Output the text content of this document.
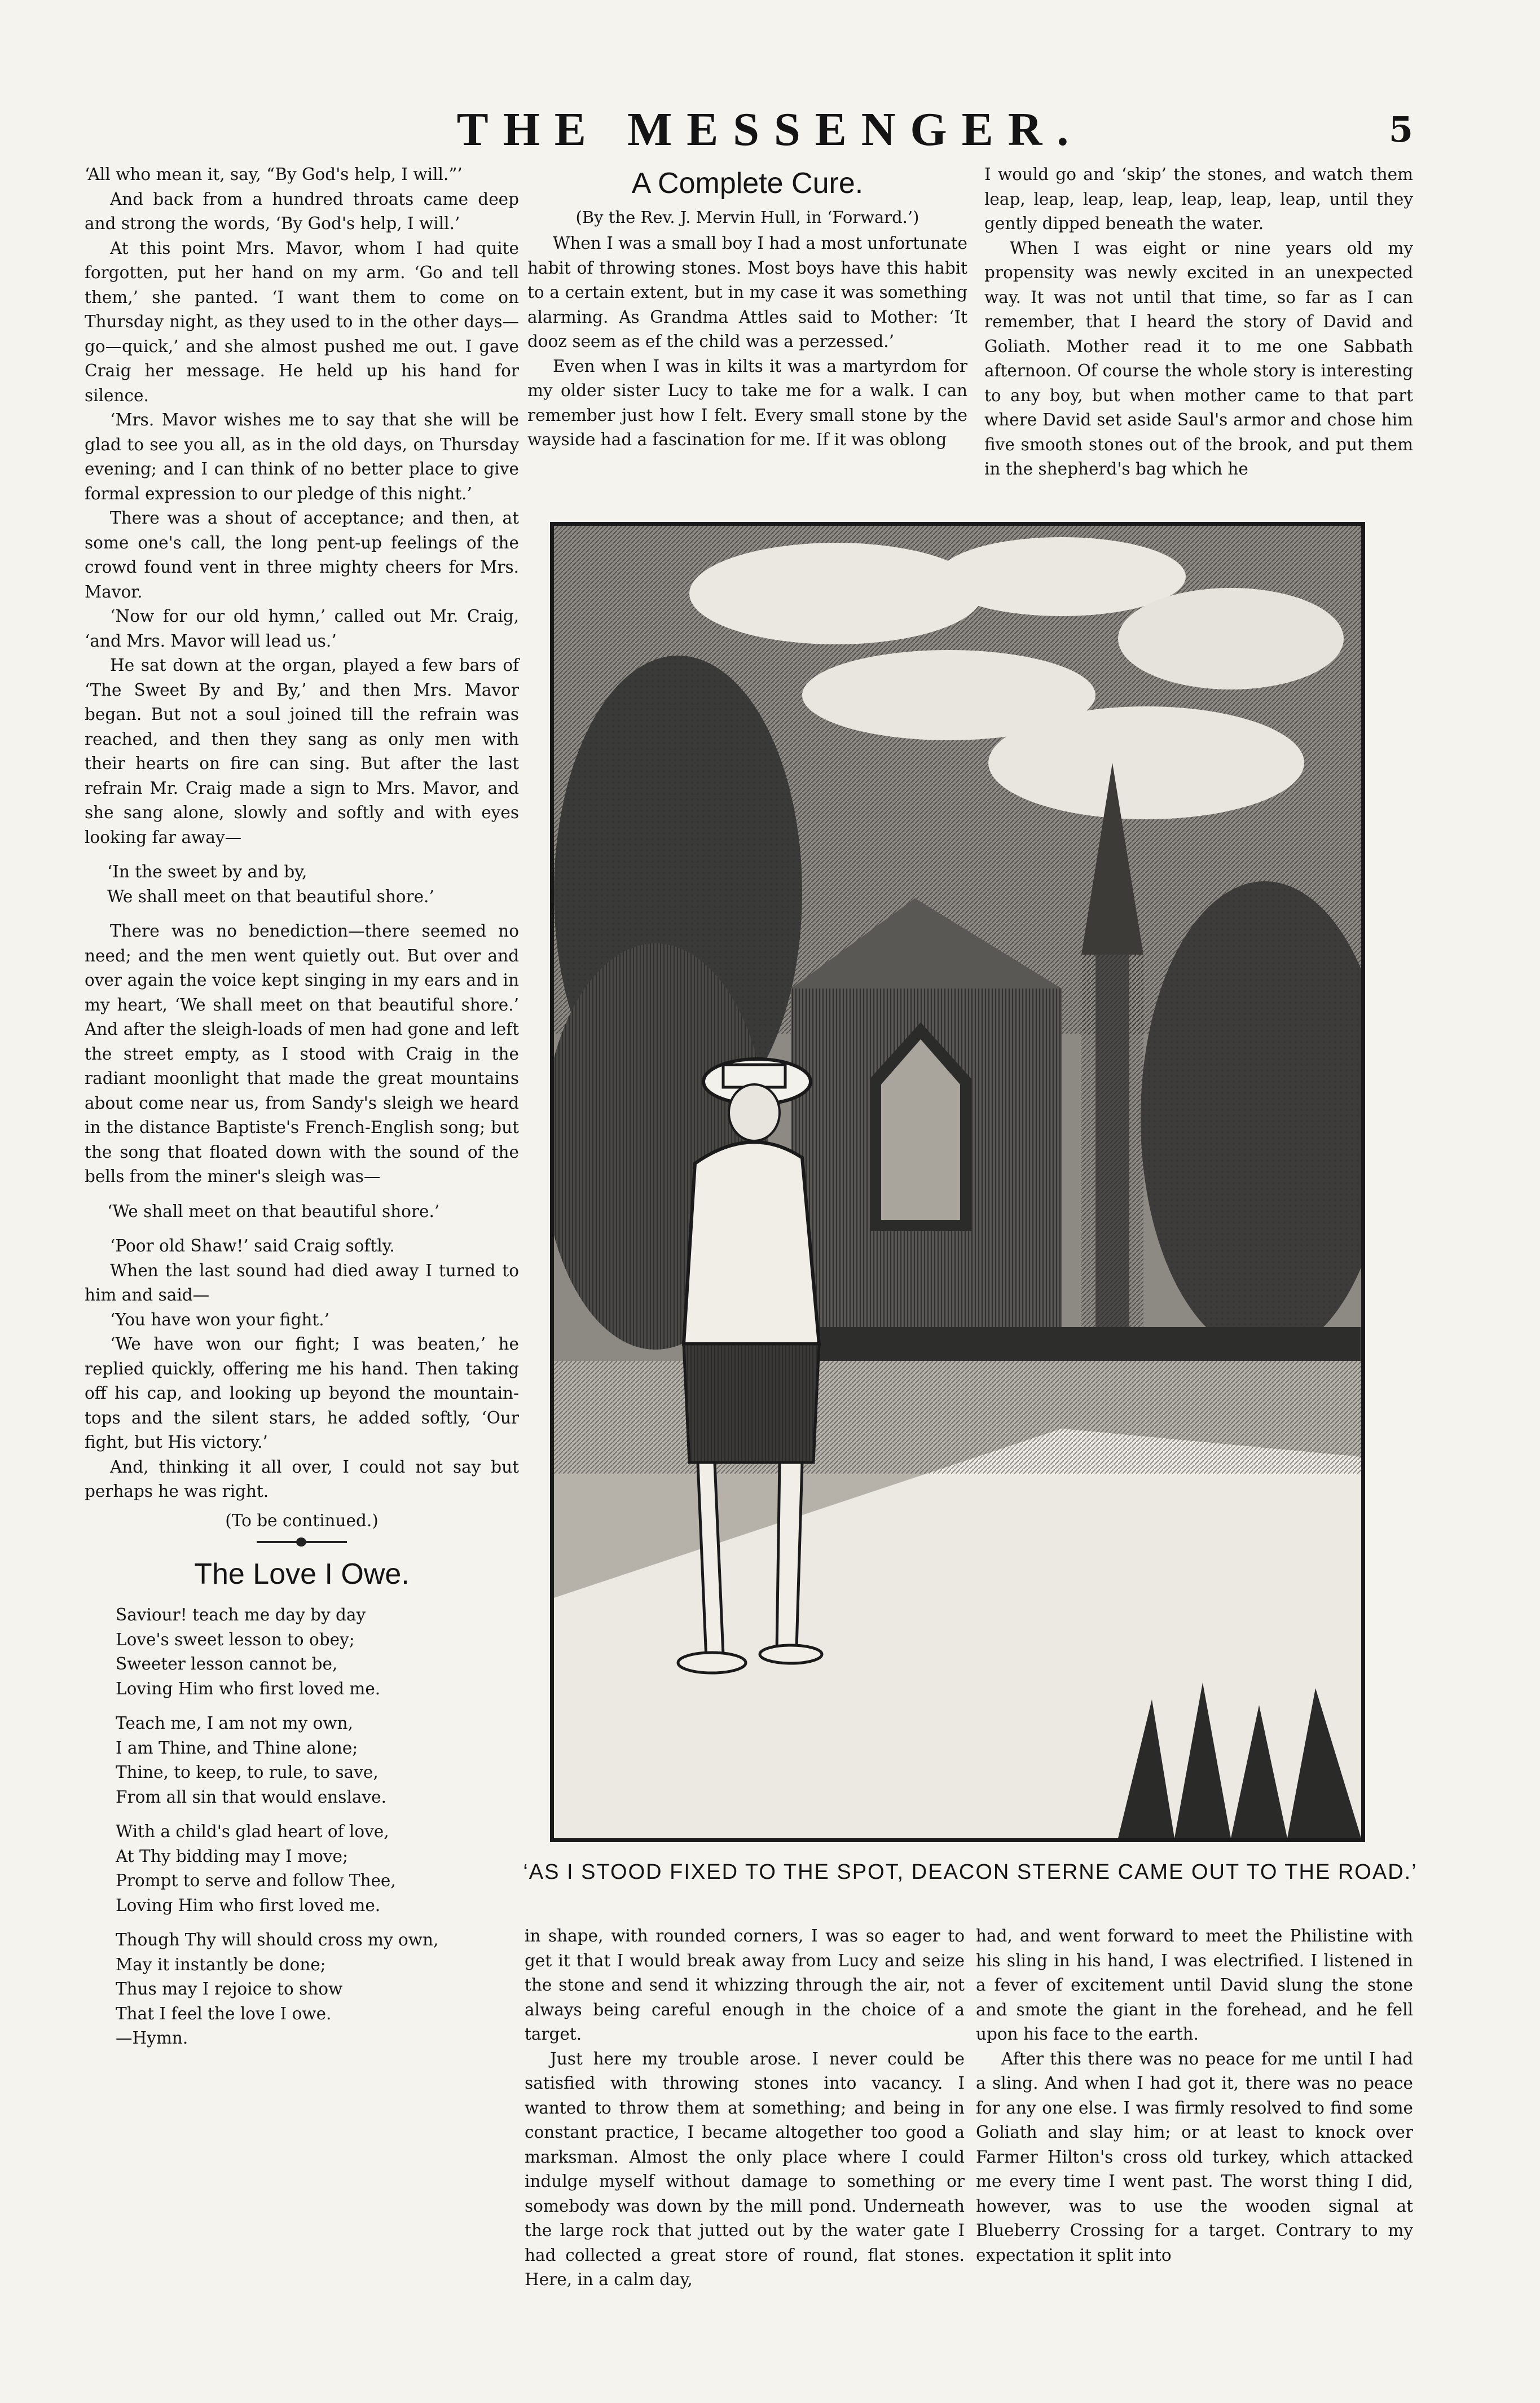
THE MESSENGER.	5

‘All who mean it, say, “By God's help, I will.”’

And back from a hundred throats came deep and strong the words, ‘By God's help, I will.’

At this point Mrs. Mavor, whom I had quite forgotten, put her hand on my arm. ‘Go and tell them,’ she panted. ‘I want them to come on Thursday night, as they used to in the other days—go—quick,’ and she almost pushed me out. I gave Craig her message. He held up his hand for silence.

‘Mrs. Mavor wishes me to say that she will be glad to see you all, as in the old days, on Thursday evening; and I can think of no better place to give formal expression to our pledge of this night.’

There was a shout of acceptance; and then, at some one's call, the long pent-up feelings of the crowd found vent in three mighty cheers for Mrs. Mavor.

‘Now for our old hymn,’ called out Mr. Craig, ‘and Mrs. Mavor will lead us.’

He sat down at the organ, played a few bars of ‘The Sweet By and By,’ and then Mrs. Mavor began. But not a soul joined till the refrain was reached, and then they sang as only men with their hearts on fire can sing. But after the last refrain Mr. Craig made a sign to Mrs. Mavor, and she sang alone, slowly and softly and with eyes looking far away—

‘In the sweet by and by,
We shall meet on that beautiful shore.’

There was no benediction—there seemed no need; and the men went quietly out. But over and over again the voice kept singing in my ears and in my heart, ‘We shall meet on that beautiful shore.’ And after the sleigh-loads of men had gone and left the street empty, as I stood with Craig in the radiant moonlight that made the great mountains about come near us, from Sandy's sleigh we heard in the distance Baptiste's French-English song; but the song that floated down with the sound of the bells from the miner's sleigh was—

‘We shall meet on that beautiful shore.’

‘Poor old Shaw!’ said Craig softly.

When the last sound had died away I turned to him and said—

‘You have won your fight.’

‘We have won our fight; I was beaten,’ he replied quickly, offering me his hand. Then taking off his cap, and looking up beyond the mountain-tops and the silent stars, he added softly, ‘Our fight, but His victory.’

And, thinking it all over, I could not say but perhaps he was right.

(To be continued.)

The Love I Owe.
Saviour! teach me day by day
Love's sweet lesson to obey;
Sweeter lesson cannot be,
Loving Him who first loved me.
Teach me, I am not my own,
I am Thine, and Thine alone;
Thine, to keep, to rule, to save,
From all sin that would enslave.
With a child's glad heart of love,
At Thy bidding may I move;
Prompt to serve and follow Thee,
Loving Him who first loved me.
Though Thy will should cross my own,
May it instantly be done;
Thus may I rejoice to show
That I feel the love I owe.
—Hymn.
A Complete Cure.
(By the Rev. J. Mervin Hull, in ‘Forward.’)

When I was a small boy I had a most unfortunate habit of throwing stones. Most boys have this habit to a certain extent, but in my case it was something alarming. As Grandma Attles said to Mother: ‘It dooz seem as ef the child was a perzessed.’

Even when I was in kilts it was a martyrdom for my older sister Lucy to take me for a walk. I can remember just how I felt. Every small stone by the wayside had a fascination for me. If it was oblong

I would go and ‘skip’ the stones, and watch them leap, leap, leap, leap, leap, leap, leap, until they gently dipped beneath the water.

When I was eight or nine years old my propensity was newly excited in an unexpected way. It was not until that time, so far as I can remember, that I heard the story of David and Goliath. Mother read it to me one Sabbath afternoon. Of course the whole story is interesting to any boy, but when mother came to that part where David set aside Saul's armor and chose him five smooth stones out of the brook, and put them in the shepherd's bag which he

‘AS I STOOD FIXED TO THE SPOT, DEACON STERNE CAME OUT TO THE ROAD.’

in shape, with rounded corners, I was so eager to get it that I would break away from Lucy and seize the stone and send it whizzing through the air, not always being careful enough in the choice of a target.

Just here my trouble arose. I never could be satisfied with throwing stones into vacancy. I wanted to throw them at something; and being in constant practice, I became altogether too good a marksman. Almost the only place where I could indulge myself without damage to something or somebody was down by the mill pond. Underneath the large rock that jutted out by the water gate I had collected a great store of round, flat stones. Here, in a calm day,

had, and went forward to meet the Philistine with his sling in his hand, I was electrified. I listened in a fever of excitement until David slung the stone and smote the giant in the forehead, and he fell upon his face to the earth.

After this there was no peace for me until I had a sling. And when I had got it, there was no peace for any one else. I was firmly resolved to find some Goliath and slay him; or at least to knock over Farmer Hilton's cross old turkey, which attacked me every time I went past. The worst thing I did, however, was to use the wooden signal at Blueberry Crossing for a target. Contrary to my expectation it split into
